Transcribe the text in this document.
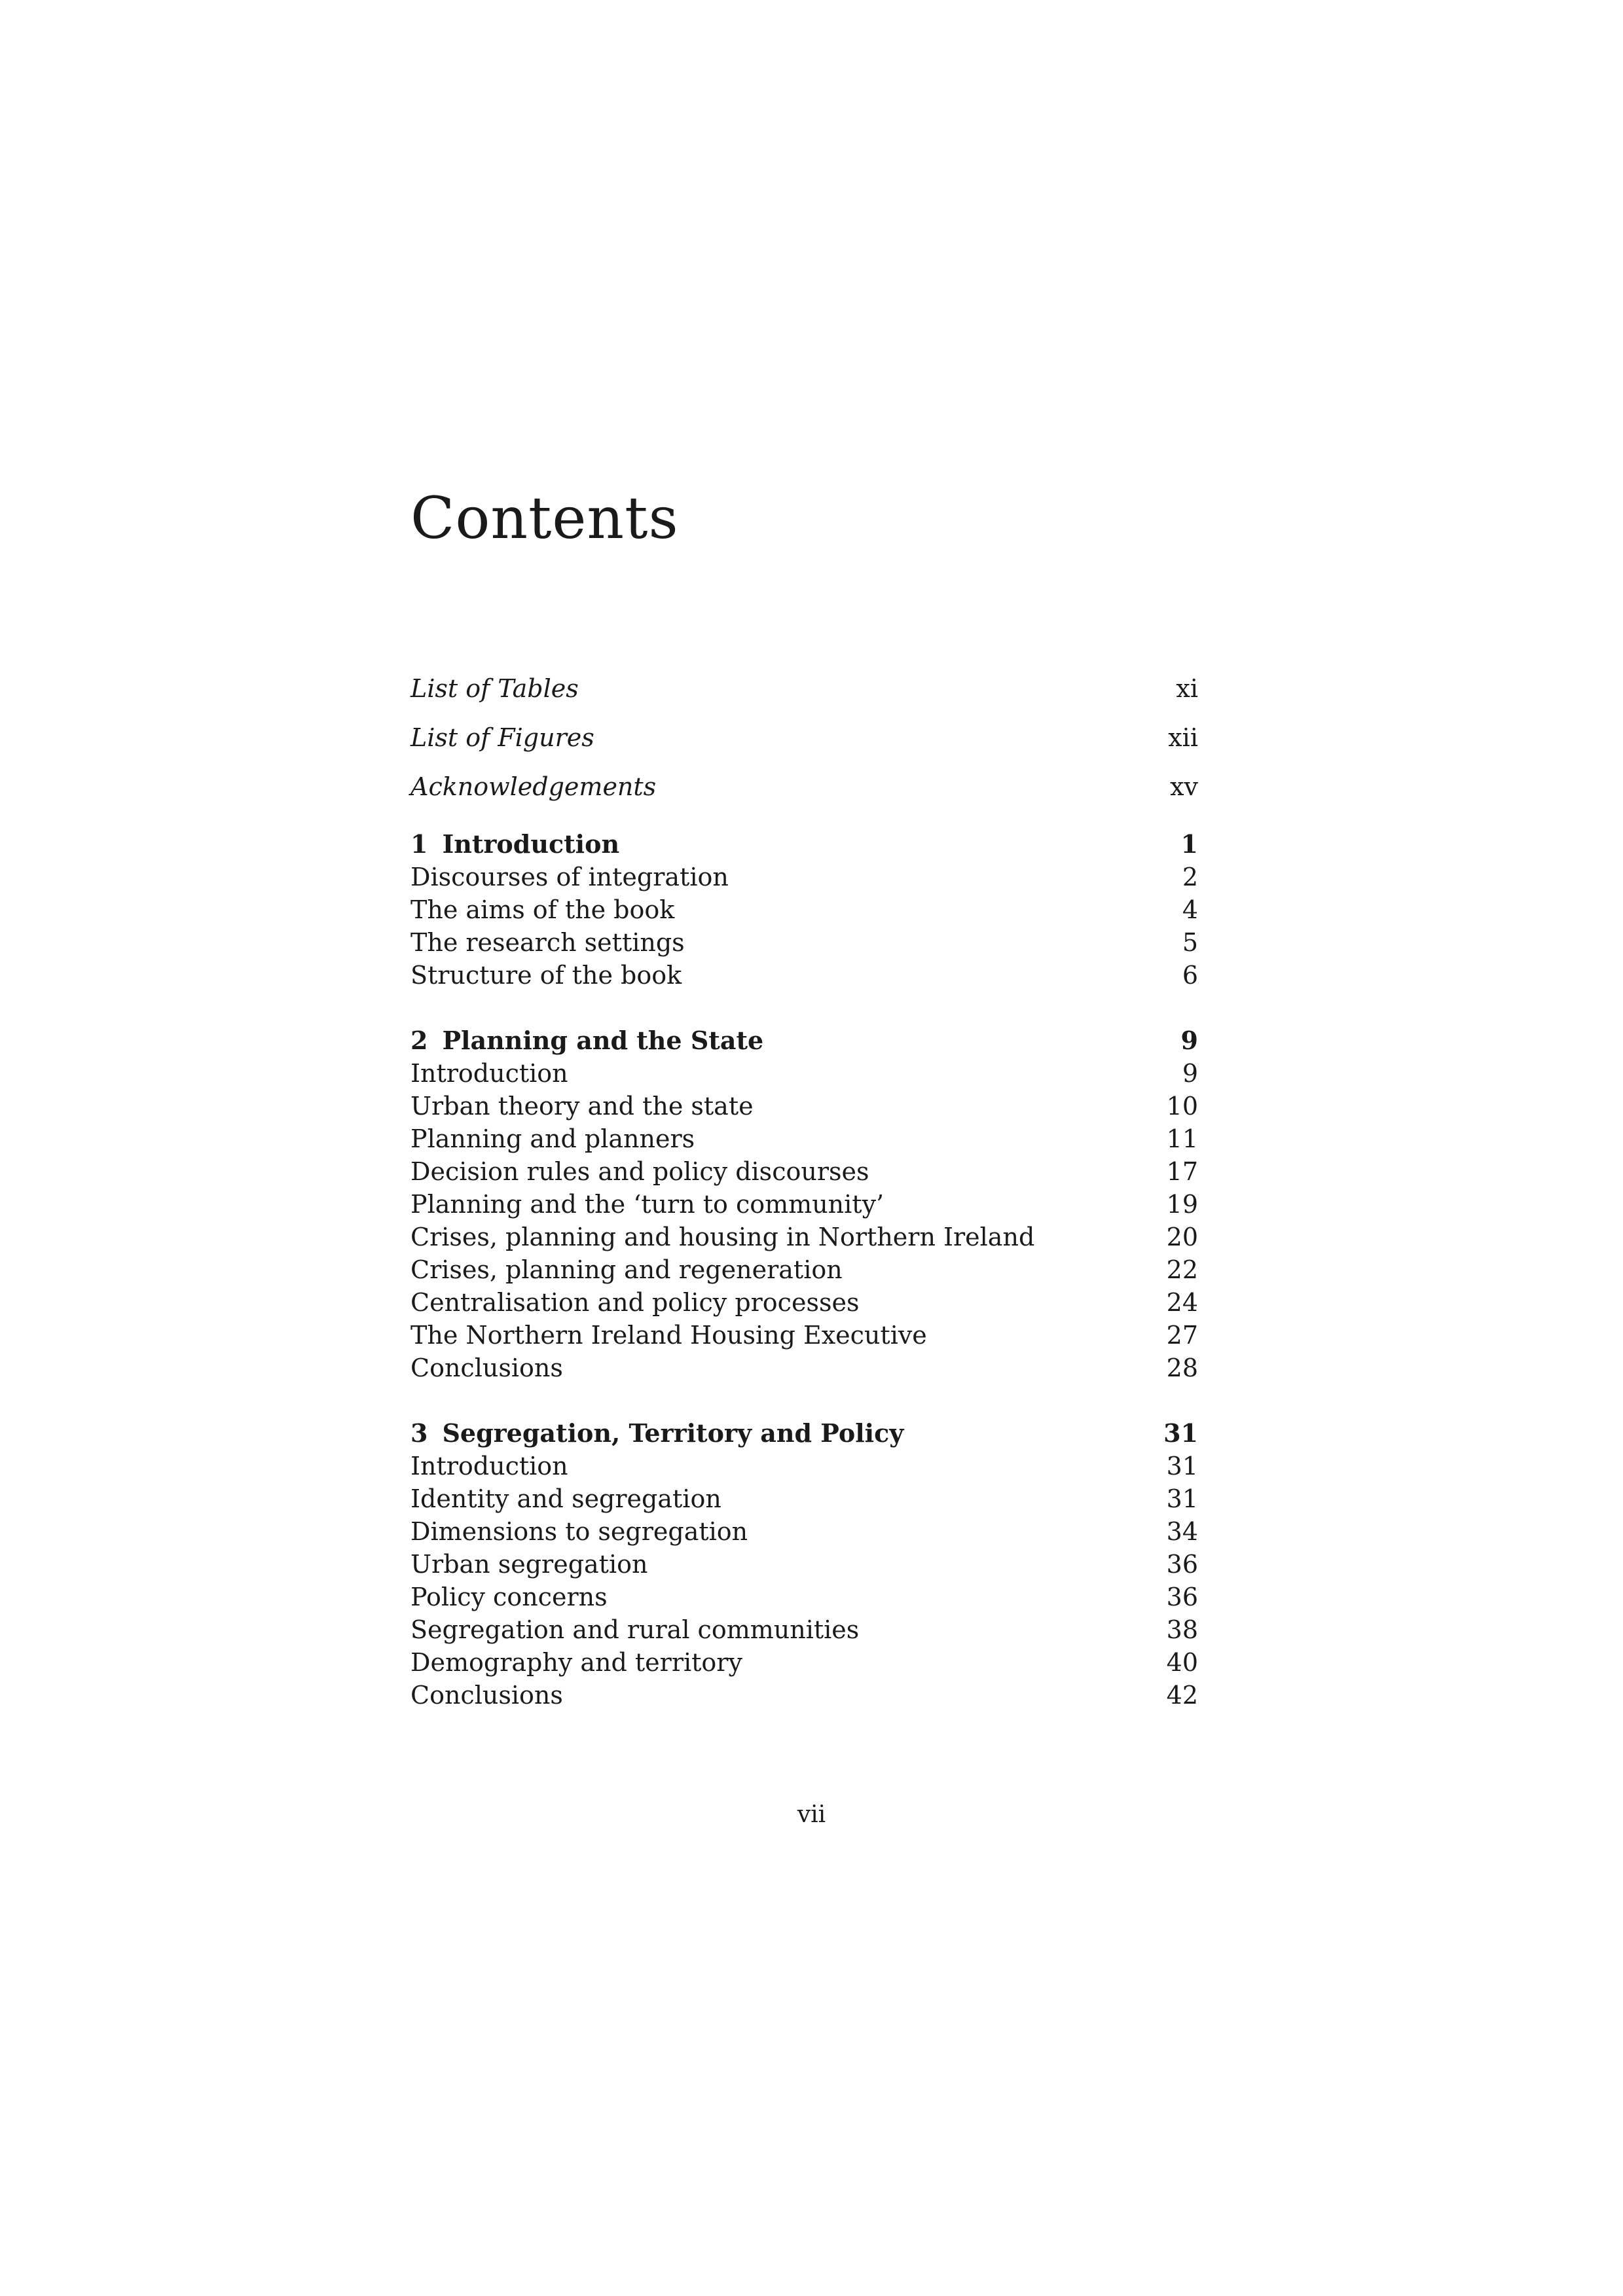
Contents
List of Tables	xi
List of Figures	xii
Acknowledgements	xv
1 Introduction	1
Discourses of integration	2
The aims of the book	4
The research settings	5
Structure of the book	6
2 Planning and the State	9
Introduction	9
Urban theory and the state	10
Planning and planners	11
Decision rules and policy discourses	17
Planning and the ‘turn to community’	19
Crises, planning and housing in Northern Ireland	20
Crises, planning and regeneration	22
Centralisation and policy processes	24
The Northern Ireland Housing Executive	27
Conclusions	28
3 Segregation, Territory and Policy	31
Introduction	31
Identity and segregation	31
Dimensions to segregation	34
Urban segregation	36
Policy concerns	36
Segregation and rural communities	38
Demography and territory	40
Conclusions	42
vii
